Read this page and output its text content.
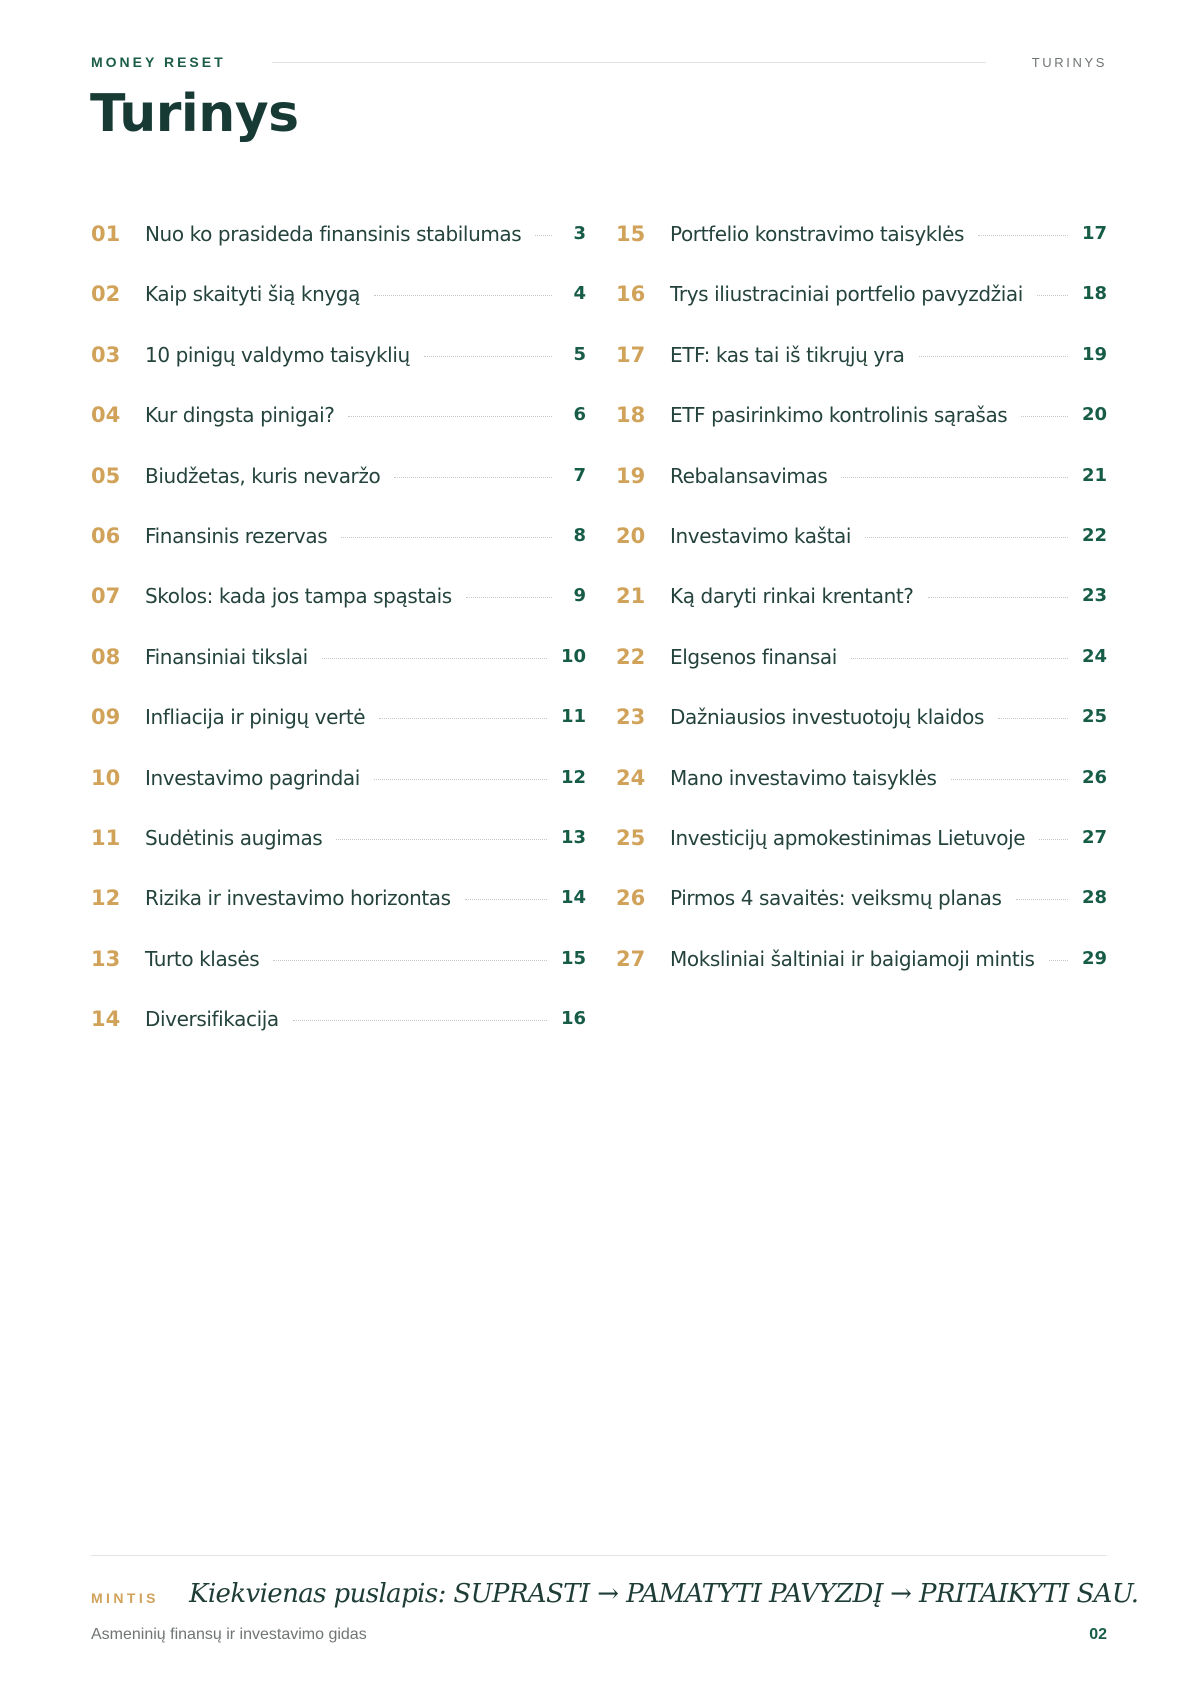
MONEY RESET	TURINYS
Turinys
01	Nuo ko prasideda finansinis stabilumas	3
02	Kaip skaityti šią knygą	4
03	10 pinigų valdymo taisyklių	5
04	Kur dingsta pinigai?	6
05	Biudžetas, kuris nevaržo	7
06	Finansinis rezervas	8
07	Skolos: kada jos tampa spąstais	9
08	Finansiniai tikslai	10
09	Infliacija ir pinigų vertė	11
10	Investavimo pagrindai	12
11	Sudėtinis augimas	13
12	Rizika ir investavimo horizontas	14
13	Turto klasės	15
14	Diversifikacija	16
15	Portfelio konstravimo taisyklės	17
16	Trys iliustraciniai portfelio pavyzdžiai	18
17	ETF: kas tai iš tikrųjų yra	19
18	ETF pasirinkimo kontrolinis sąrašas	20
19	Rebalansavimas	21
20	Investavimo kaštai	22
21	Ką daryti rinkai krentant?	23
22	Elgsenos finansai	24
23	Dažniausios investuotojų klaidos	25
24	Mano investavimo taisyklės	26
25	Investicijų apmokestinimas Lietuvoje	27
26	Pirmos 4 savaitės: veiksmų planas	28
27	Moksliniai šaltiniai ir baigiamoji mintis	29
MINTIS Kiekvienas puslapis: SUPRASTI → PAMATYTI PAVYZDĮ → PRITAIKYTI SAU.
Asmeninių finansų ir investavimo gidas	02
